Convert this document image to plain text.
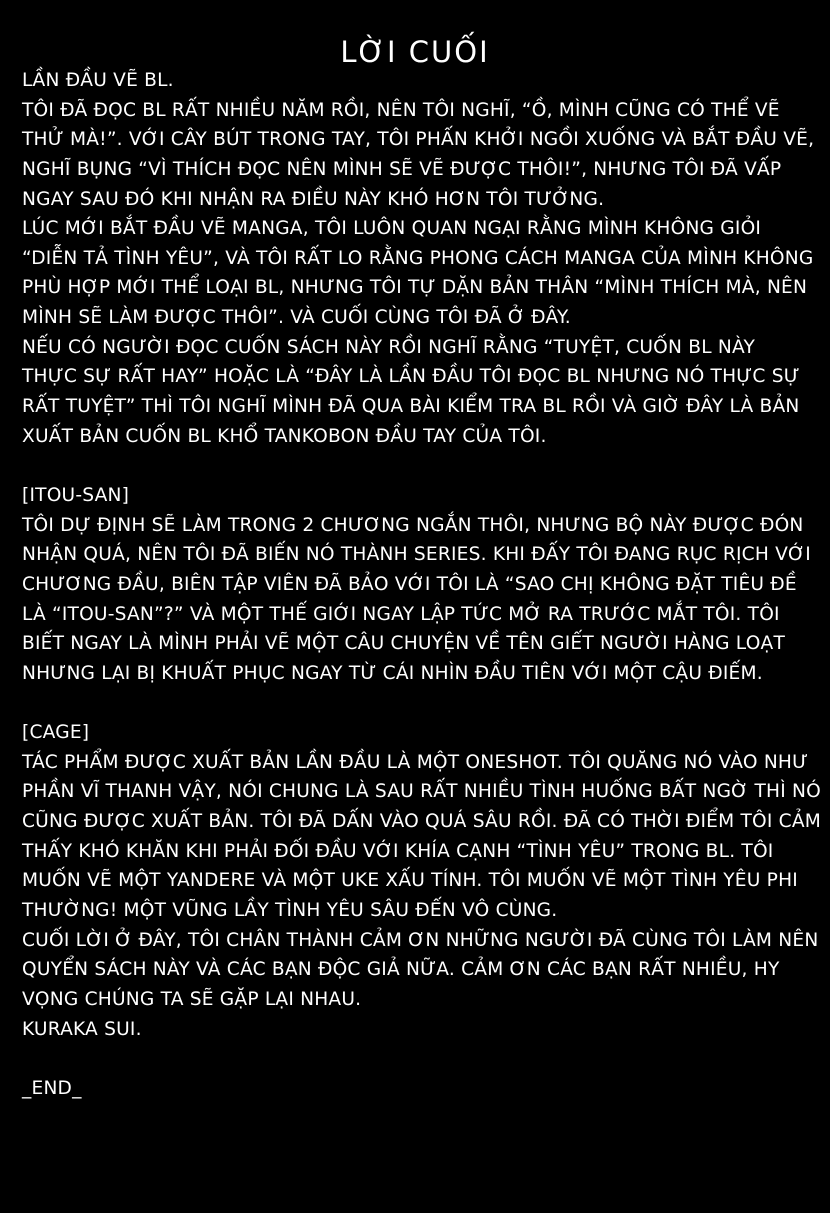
LỜI CUỐI
LẦN ĐẦU VẼ BL.
TÔI ĐÃ ĐỌC BL RẤT NHIỀU NĂM RỒI, NÊN TÔI NGHĨ, “Ồ, MÌNH CŨNG CÓ THỂ VẼ
THỬ MÀ!”. VỚI CÂY BÚT TRONG TAY, TÔI PHẤN KHỞI NGỒI XUỐNG VÀ BẮT ĐẦU VẼ,
NGHĨ BỤNG “VÌ THÍCH ĐỌC NÊN MÌNH SẼ VẼ ĐƯỢC THÔI!”, NHƯNG TÔI ĐÃ VẤP
NGAY SAU ĐÓ KHI NHẬN RA ĐIỀU NÀY KHÓ HƠN TÔI TƯỞNG.
LÚC MỚI BẮT ĐẦU VẼ MANGA, TÔI LUÔN QUAN NGẠI RẰNG MÌNH KHÔNG GIỎI
“DIỄN TẢ TÌNH YÊU”, VÀ TÔI RẤT LO RẰNG PHONG CÁCH MANGA CỦA MÌNH KHÔNG
PHÙ HỢP MỚI THỂ LOẠI BL, NHƯNG TÔI TỰ DẶN BẢN THÂN “MÌNH THÍCH MÀ, NÊN
MÌNH SẼ LÀM ĐƯỢC THÔI”. VÀ CUỐI CÙNG TÔI ĐÃ Ở ĐÂY.
NẾU CÓ NGƯỜI ĐỌC CUỐN SÁCH NÀY RỒI NGHĨ RẰNG “TUYỆT, CUỐN BL NÀY
THỰC SỰ RẤT HAY” HOẶC LÀ “ĐÂY LÀ LẦN ĐẦU TÔI ĐỌC BL NHƯNG NÓ THỰC SỰ
RẤT TUYỆT” THÌ TÔI NGHĨ MÌNH ĐÃ QUA BÀI KIỂM TRA BL RỒI VÀ GIỜ ĐÂY LÀ BẢN
XUẤT BẢN CUỐN BL KHỔ TANKOBON ĐẦU TAY CỦA TÔI.
[ITOU-SAN]
TÔI DỰ ĐỊNH SẼ LÀM TRONG 2 CHƯƠNG NGẮN THÔI, NHƯNG BỘ NÀY ĐƯỢC ĐÓN
NHẬN QUÁ, NÊN TÔI ĐÃ BIẾN NÓ THÀNH SERIES. KHI ĐẤY TÔI ĐANG RỤC RỊCH VỚI
CHƯƠNG ĐẦU, BIÊN TẬP VIÊN ĐÃ BẢO VỚI TÔI LÀ “SAO CHỊ KHÔNG ĐẶT TIÊU ĐỀ
LÀ “ITOU-SAN”?” VÀ MỘT THẾ GIỚI NGAY LẬP TỨC MỞ RA TRƯỚC MẮT TÔI. TÔI
BIẾT NGAY LÀ MÌNH PHẢI VẼ MỘT CÂU CHUYỆN VỀ TÊN GIẾT NGƯỜI HÀNG LOẠT
NHƯNG LẠI BỊ KHUẤT PHỤC NGAY TỪ CÁI NHÌN ĐẦU TIÊN VỚI MỘT CẬU ĐIẾM.
[CAGE]
TÁC PHẨM ĐƯỢC XUẤT BẢN LẦN ĐẦU LÀ MỘT ONESHOT. TÔI QUĂNG NÓ VÀO NHƯ
PHẦN VĨ THANH VẬY, NÓI CHUNG LÀ SAU RẤT NHIỀU TÌNH HUỐNG BẤT NGỜ THÌ NÓ
CŨNG ĐƯỢC XUẤT BẢN. TÔI ĐÃ DẤN VÀO QUÁ SÂU RỒI. ĐÃ CÓ THỜI ĐIỂM TÔI CẢM
THẤY KHÓ KHĂN KHI PHẢI ĐỐI ĐẦU VỚI KHÍA CẠNH “TÌNH YÊU” TRONG BL. TÔI
MUỐN VẼ MỘT YANDERE VÀ MỘT UKE XẤU TÍNH. TÔI MUỐN VẼ MỘT TÌNH YÊU PHI
THƯỜNG! MỘT VŨNG LẦY TÌNH YÊU SÂU ĐẾN VÔ CÙNG.
CUỐI LỜI Ở ĐÂY, TÔI CHÂN THÀNH CẢM ƠN NHỮNG NGƯỜI ĐÃ CÙNG TÔI LÀM NÊN
QUYỂN SÁCH NÀY VÀ CÁC BẠN ĐỘC GIẢ NỮA. CẢM ƠN CÁC BẠN RẤT NHIỀU, HY
VỌNG CHÚNG TA SẼ GẶP LẠI NHAU.
KURAKA SUI.
_END_
